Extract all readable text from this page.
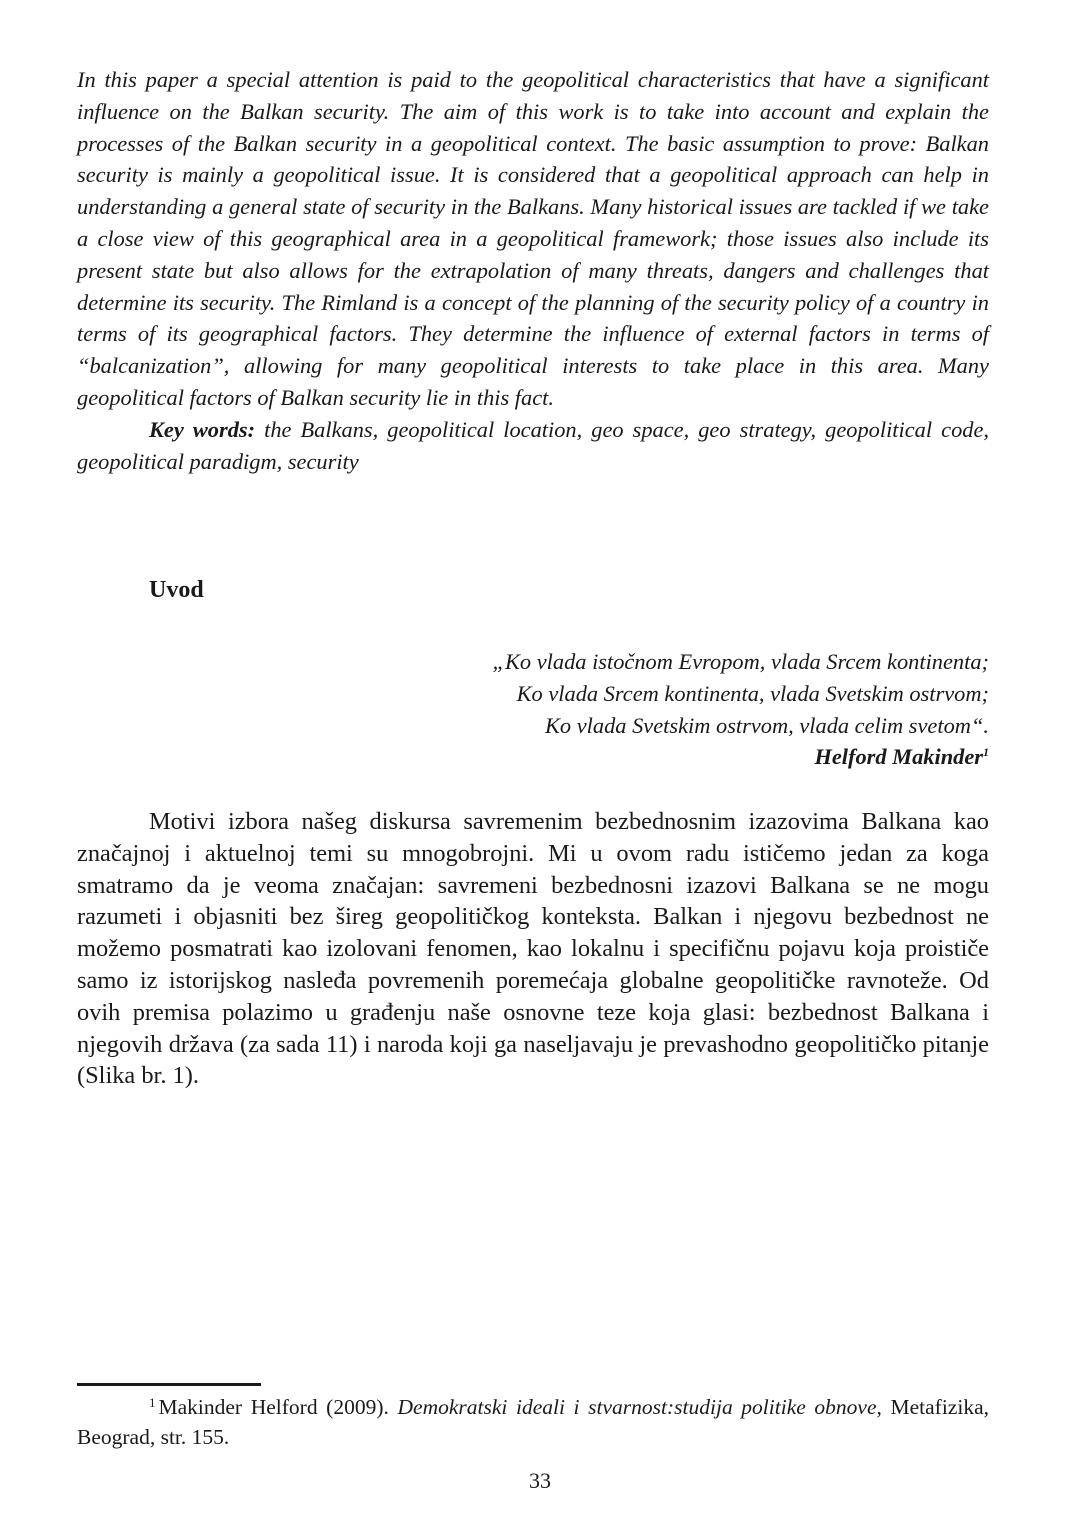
In this paper a special attention is paid to the geopolitical characteristics that have a significant influence on the Balkan security. The aim of this work is to take into account and explain the processes of the Balkan security in a geopolitical context. The basic assumption to prove: Balkan security is mainly a geopolitical issue. It is considered that a geopolitical approach can help in understanding a general state of security in the Balkans. Many historical issues are tackled if we take a close view of this geographical area in a geopolitical framework; those issues also include its present state but also allows for the extrapolation of many threats, dangers and challenges that determine its security. The Rimland is a concept of the planning of the security policy of a country in terms of its geographical factors. They determine the influence of external factors in terms of “balcanization”, allowing for many geopolitical interests to take place in this area. Many geopolitical factors of Balkan security lie in this fact.

Key words: the Balkans, geopolitical location, geo space, geo strategy, geopolitical code, geopolitical paradigm, security

Uvod
„Ko vlada istočnom Evropom, vlada Srcem kontinenta;
Ko vlada Srcem kontinenta, vlada Svetskim ostrvom;
Ko vlada Svetskim ostrvom, vlada celim svetom“.
Helford Makinder$^1$

Motivi izbora našeg diskursa savremenim bezbednosnim izazovima Balkana kao značajnoj i aktuelnoj temi su mnogobrojni. Mi u ovom radu ističemo jedan za koga smatramo da je veoma značajan: savremeni bezbednosni izazovi Balkana se ne mogu razumeti i objasniti bez šireg geopolitičkog konteksta. Balkan i njegovu bezbednost ne možemo posmatrati kao izolovani fenomen, kao lokalnu i specifičnu pojavu koja proističe samo iz istorijskog nasleđa povremenih poremećaja globalne geopolitičke ravnoteže. Od ovih premisa polazimo u građenju naše osnovne teze koja glasi: bezbednost Balkana i njegovih država (za sada 11) i naroda koji ga naseljavaju je prevashodno geopolitičko pitanje (Slika br. 1).

$^1$ Makinder Helford (2009). Demokratski ideali i stvarnost:studija politike obnove, Metafizika, Beograd, str. 155.

33
